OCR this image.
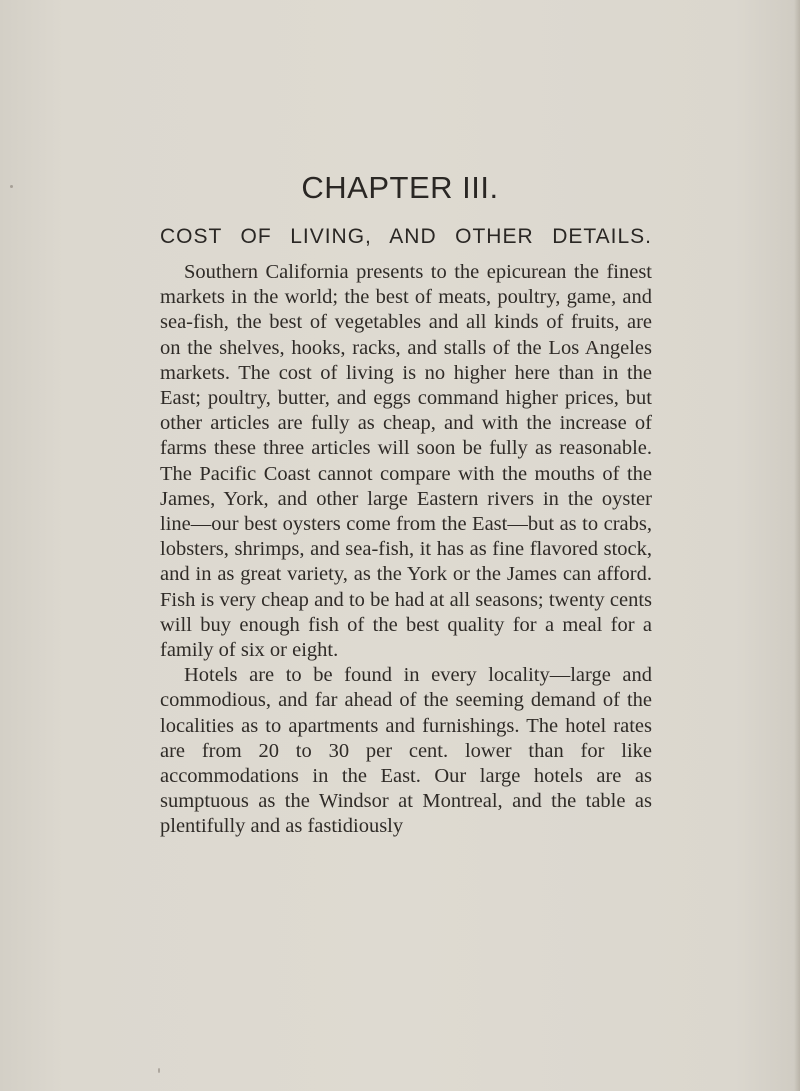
CHAPTER III.
COST OF LIVING, AND OTHER DETAILS.

Southern California presents to the epicurean the finest markets in the world; the best of meats, poultry, game, and sea-fish, the best of vegetables and all kinds of fruits, are on the shelves, hooks, racks, and stalls of the Los Angeles markets. The cost of living is no higher here than in the East; poultry, butter, and eggs command higher prices, but other articles are fully as cheap, and with the increase of farms these three articles will soon be fully as reasonable. The Pacific Coast cannot compare with the mouths of the James, York, and other large Eastern rivers in the oyster line—our best oysters come from the East—but as to crabs, lobsters, shrimps, and sea-fish, it has as fine flavored stock, and in as great variety, as the York or the James can afford. Fish is very cheap and to be had at all seasons; twenty cents will buy enough fish of the best quality for a meal for a family of six or eight.

Hotels are to be found in every locality—large and commodious, and far ahead of the seeming demand of the localities as to apartments and furnishings. The hotel rates are from 20 to 30 per cent. lower than for like accommodations in the East. Our large hotels are as sumptuous as the Windsor at Montreal, and the table as plentifully and as fastidiously
